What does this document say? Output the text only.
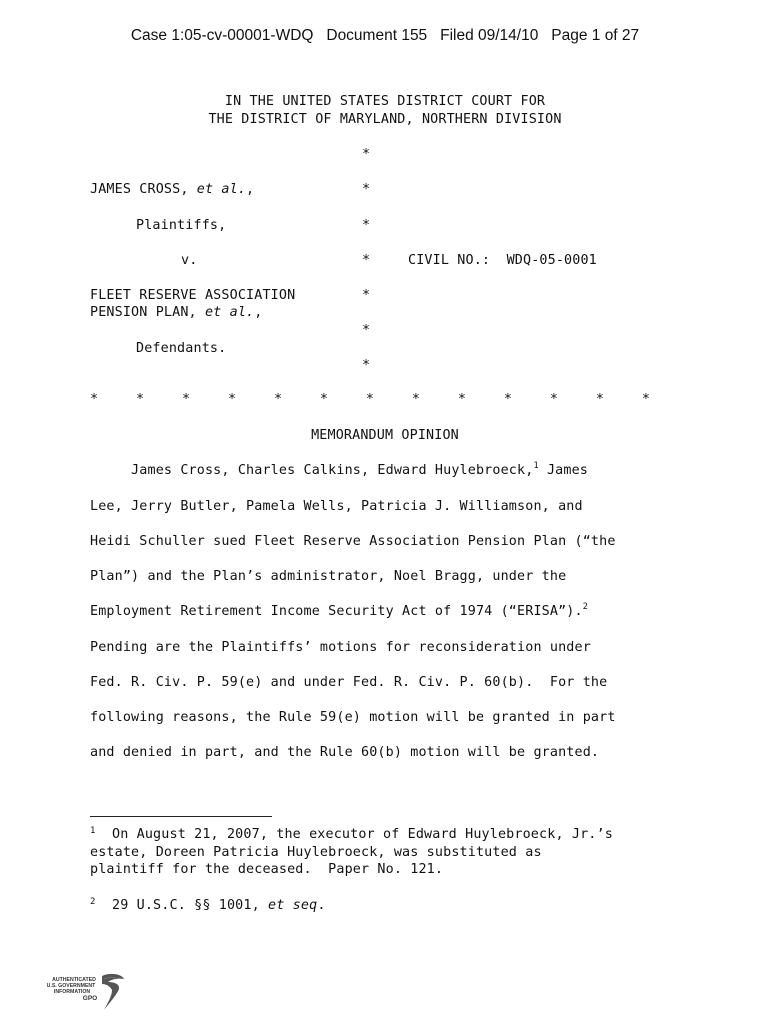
Case 1:05-cv-00001-WDQ   Document 155   Filed 09/14/10   Page 1 of 27
IN THE UNITED STATES DISTRICT COURT FOR
THE DISTRICT OF MARYLAND, NORTHERN DIVISION
*
*
*
*
*
*
*
JAMES CROSS, et al.,
Plaintiffs,
v.	CIVIL NO.: WDQ-05-0001
FLEET RESERVE ASSOCIATION
PENSION PLAN, et al.,
Defendants.
*	*	*	*	*	*	*	*	*	*	*	*	*
MEMORANDUM OPINION
James Cross, Charles Calkins, Edward Huylebroeck,$^1$ James
Lee, Jerry Butler, Pamela Wells, Patricia J. Williamson, and
Heidi Schuller sued Fleet Reserve Association Pension Plan (“the
Plan”) and the Plan’s administrator, Noel Bragg, under the
Employment Retirement Income Security Act of 1974 (“ERISA”).$^2$
Pending are the Plaintiffs’ motions for reconsideration under
Fed. R. Civ. P. 59(e) and under Fed. R. Civ. P. 60(b).  For the
following reasons, the Rule 59(e) motion will be granted in part
and denied in part, and the Rule 60(b) motion will be granted.
$^1$  On August 21, 2007, the executor of Edward Huylebroeck, Jr.’s
estate, Doreen Patricia Huylebroeck, was substituted as
plaintiff for the deceased.  Paper No. 121.
$^2$  29 U.S.C. §§ 1001, et seq.
AUTHENTICATED
U.S. GOVERNMENT
INFORMATION
GPO
